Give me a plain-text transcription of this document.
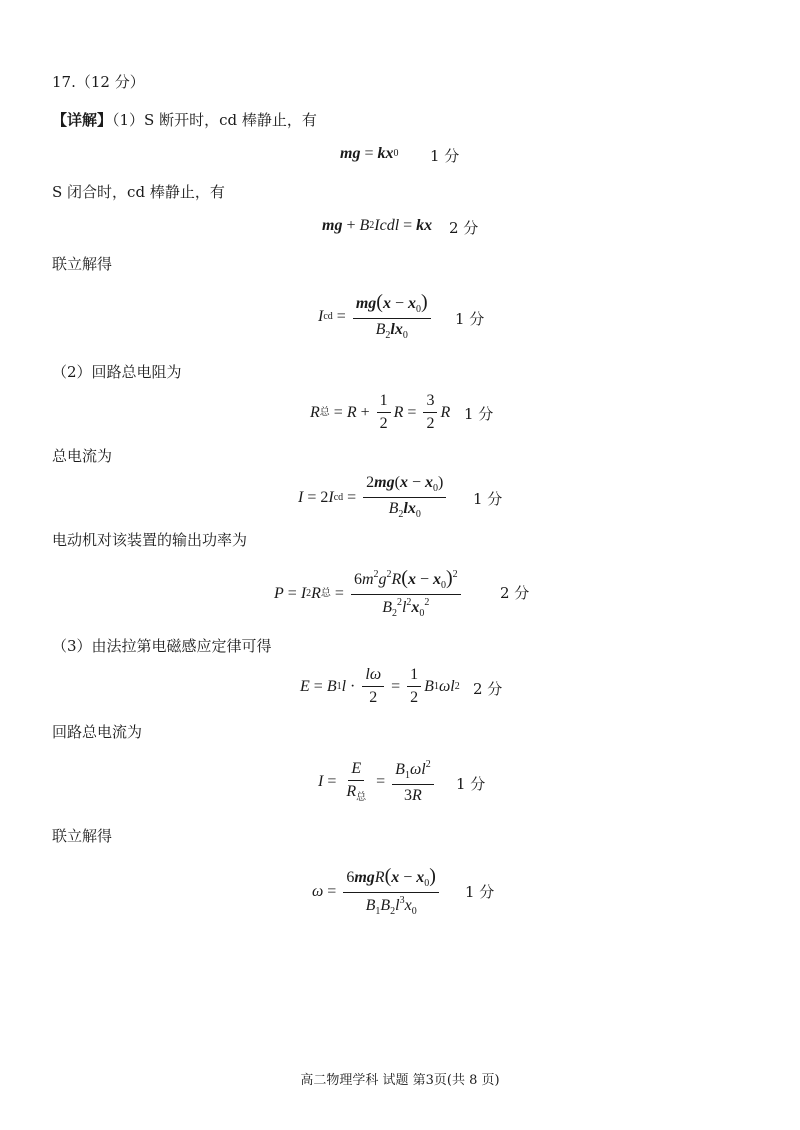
17.（12 分）
【详解】（1）S 断开时，cd 棒静止，有
mg = kx 0 1 分
S 闭合时，cd 棒静止，有
mg + B 2 Icdl = kx 2 分
联立解得
I cd = $\frac{mg(x - x_0)}{B_2lx_0} 1$ 分
（2）回路总电阻为
R 总 = $R + \frac{1}{2}$ $R = \frac{3}{2}$ R 1 分
总电流为
I = 2 I cd = $\frac{2mg(x - x_0)}{B_2lx_0} 1$ 分
电动机对该装置的输出功率为
P = I 2 R 总 = $\frac{6m^2g^2R(x - x_0)^2}{B_2^2l^2x_0^2}$	2 分
（3）由法拉第电磁感应定律可得
E = B 1 $l \cdot \frac{l\omega}{2} = \frac{1}{2}$ B 1 ωl 2 2 分
回路总电流为
$I = \frac{E}{R_总} = \frac{B_1\omega l^2}{3R} 1$ 分
联立解得
$\omega = \frac{6mgR(x - x_0)}{B_1B_2l^3x_0} 1$ 分
高二物理学科 试题 第3页(共 8 页)
